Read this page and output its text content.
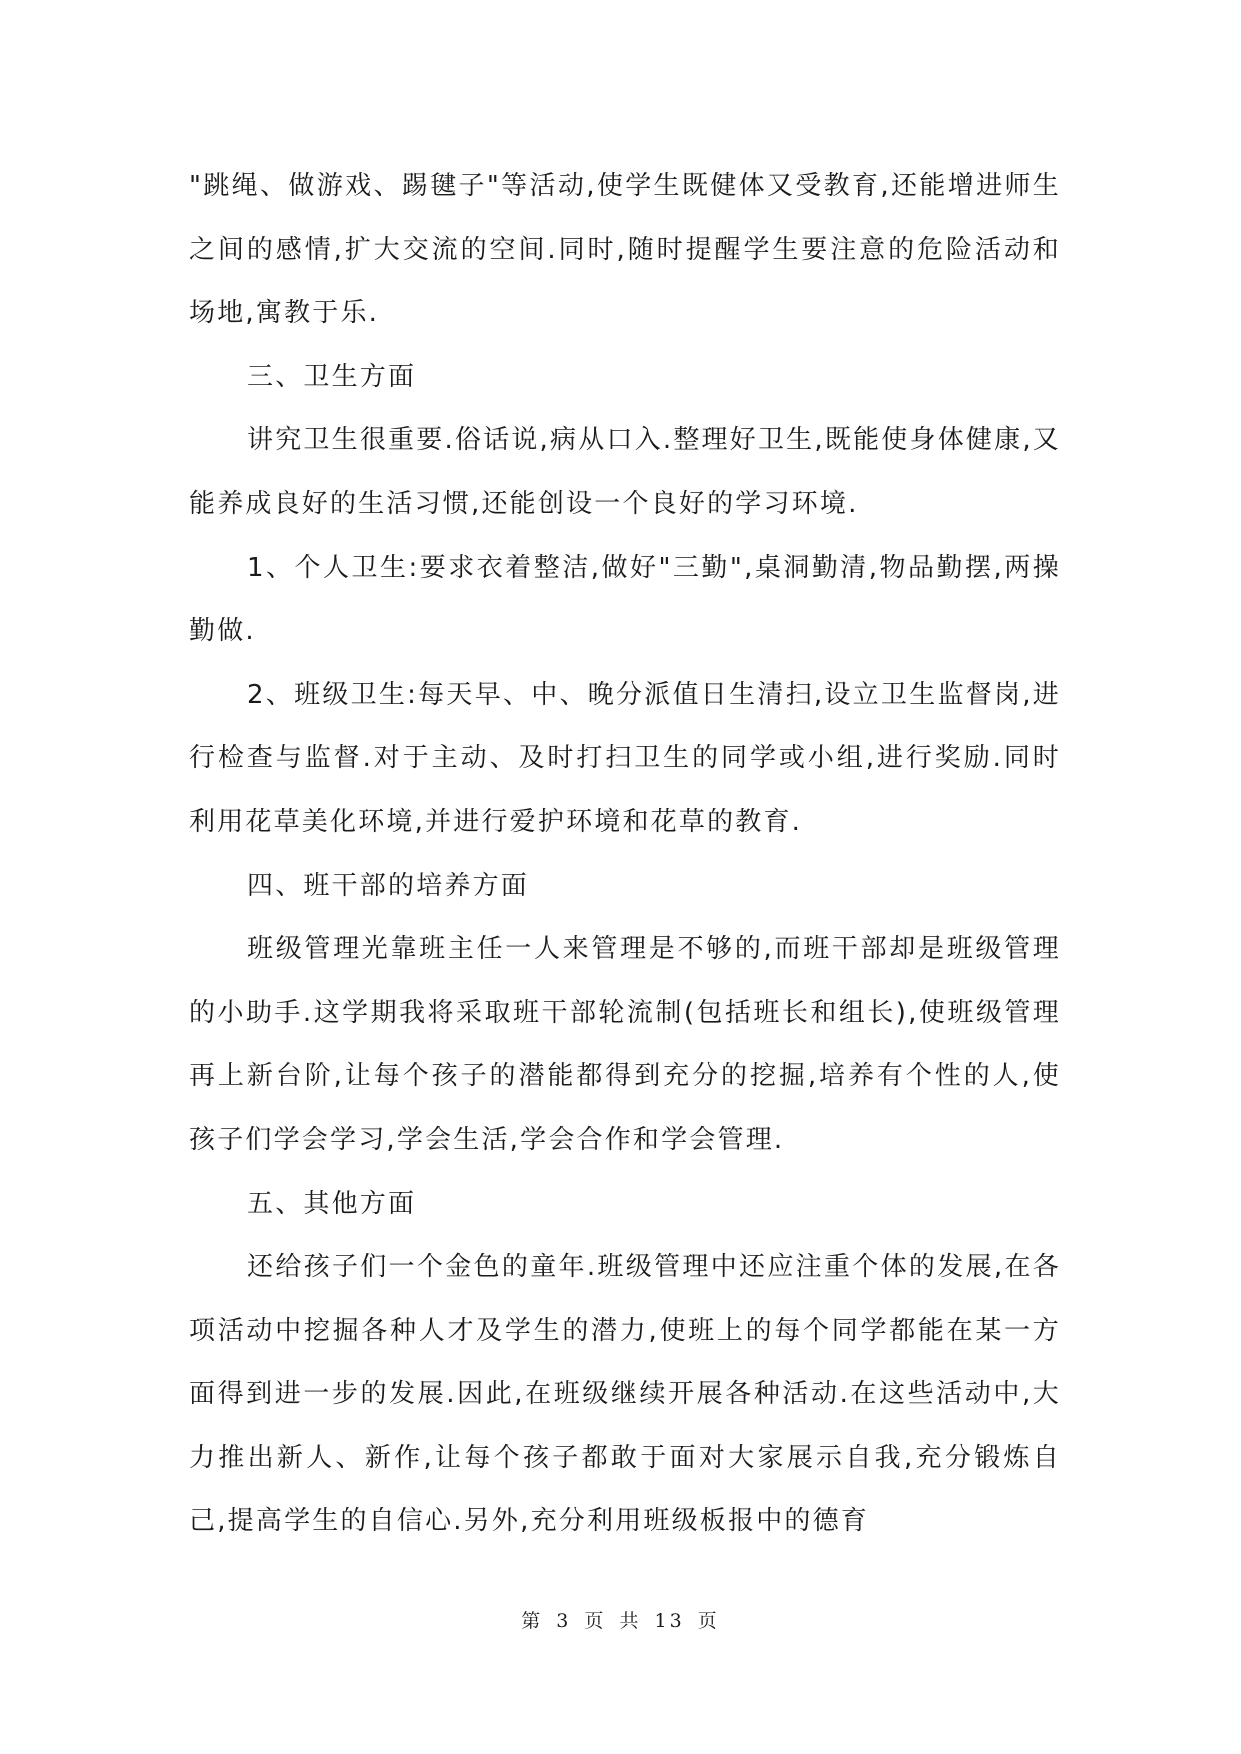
"跳绳、做游戏、踢毽子"等活动,使学生既健体又受教育,还能增进师生之间的感情,扩大交流的空间.同时,随时提醒学生要注意的危险活动和场地,寓教于乐.

三、卫生方面

讲究卫生很重要.俗话说,病从口入.整理好卫生,既能使身体健康,又能养成良好的生活习惯,还能创设一个良好的学习环境.

1、个人卫生:要求衣着整洁,做好"三勤",桌洞勤清,物品勤摆,两操勤做.

2、班级卫生:每天早、中、晚分派值日生清扫,设立卫生监督岗,进行检查与监督.对于主动、及时打扫卫生的同学或小组,进行奖励.同时利用花草美化环境,并进行爱护环境和花草的教育.

四、班干部的培养方面

班级管理光靠班主任一人来管理是不够的,而班干部却是班级管理的小助手.这学期我将采取班干部轮流制(包括班长和组长),使班级管理再上新台阶,让每个孩子的潜能都得到充分的挖掘,培养有个性的人,使孩子们学会学习,学会生活,学会合作和学会管理.

五、其他方面

还给孩子们一个金色的童年.班级管理中还应注重个体的发展,在各项活动中挖掘各种人才及学生的潜力,使班上的每个同学都能在某一方面得到进一步的发展.因此,在班级继续开展各种活动.在这些活动中,大力推出新人、新作,让每个孩子都敢于面对大家展示自我,充分锻炼自己,提高学生的自信心.另外,充分利用班级板报中的德育

第 3 页 共 13 页
